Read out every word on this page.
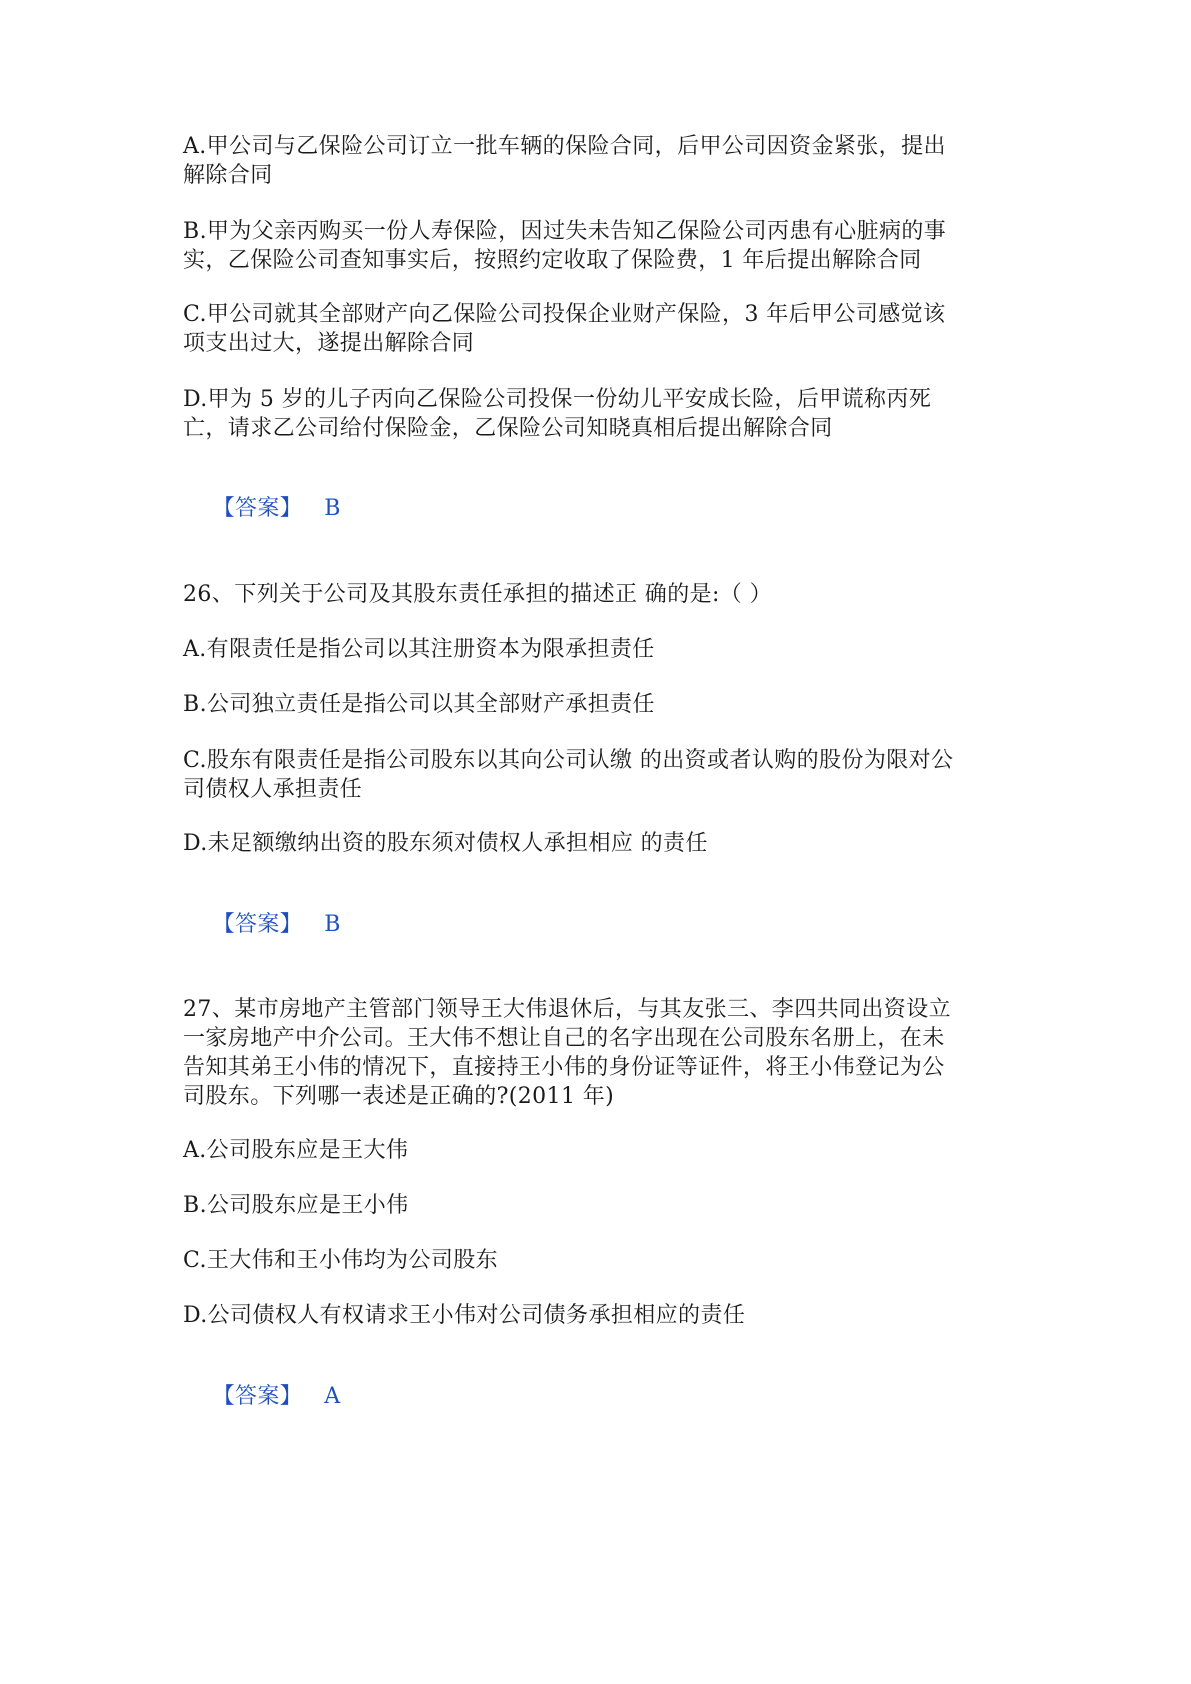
A.甲公司与乙保险公司订立一批车辆的保险合同，后甲公司因资金紧张，提出
解除合同
B.甲为父亲丙购买一份人寿保险，因过失未告知乙保险公司丙患有心脏病的事
实，乙保险公司查知事实后，按照约定收取了保险费，1 年后提出解除合同
C.甲公司就其全部财产向乙保险公司投保企业财产保险，3 年后甲公司感觉该
项支出过大，遂提出解除合同
D.甲为 5 岁的儿子丙向乙保险公司投保一份幼儿平安成长险，后甲谎称丙死
亡，请求乙公司给付保险金，乙保险公司知晓真相后提出解除合同

【答案】 B

26、下列关于公司及其股东责任承担的描述正 确的是:（ ）
A.有限责任是指公司以其注册资本为限承担责任
B.公司独立责任是指公司以其全部财产承担责任
C.股东有限责任是指公司股东以其向公司认缴 的出资或者认购的股份为限对公
司债权人承担责任
D.未足额缴纳出资的股东须对债权人承担相应 的责任

【答案】 B

27、某市房地产主管部门领导王大伟退休后，与其友张三、李四共同出资设立
一家房地产中介公司。王大伟不想让自己的名字出现在公司股东名册上，在未
告知其弟王小伟的情况下，直接持王小伟的身份证等证件，将王小伟登记为公
司股东。下列哪一表述是正确的?(2011 年)
A.公司股东应是王大伟
B.公司股东应是王小伟
C.王大伟和王小伟均为公司股东
D.公司债权人有权请求王小伟对公司债务承担相应的责任

【答案】 A
